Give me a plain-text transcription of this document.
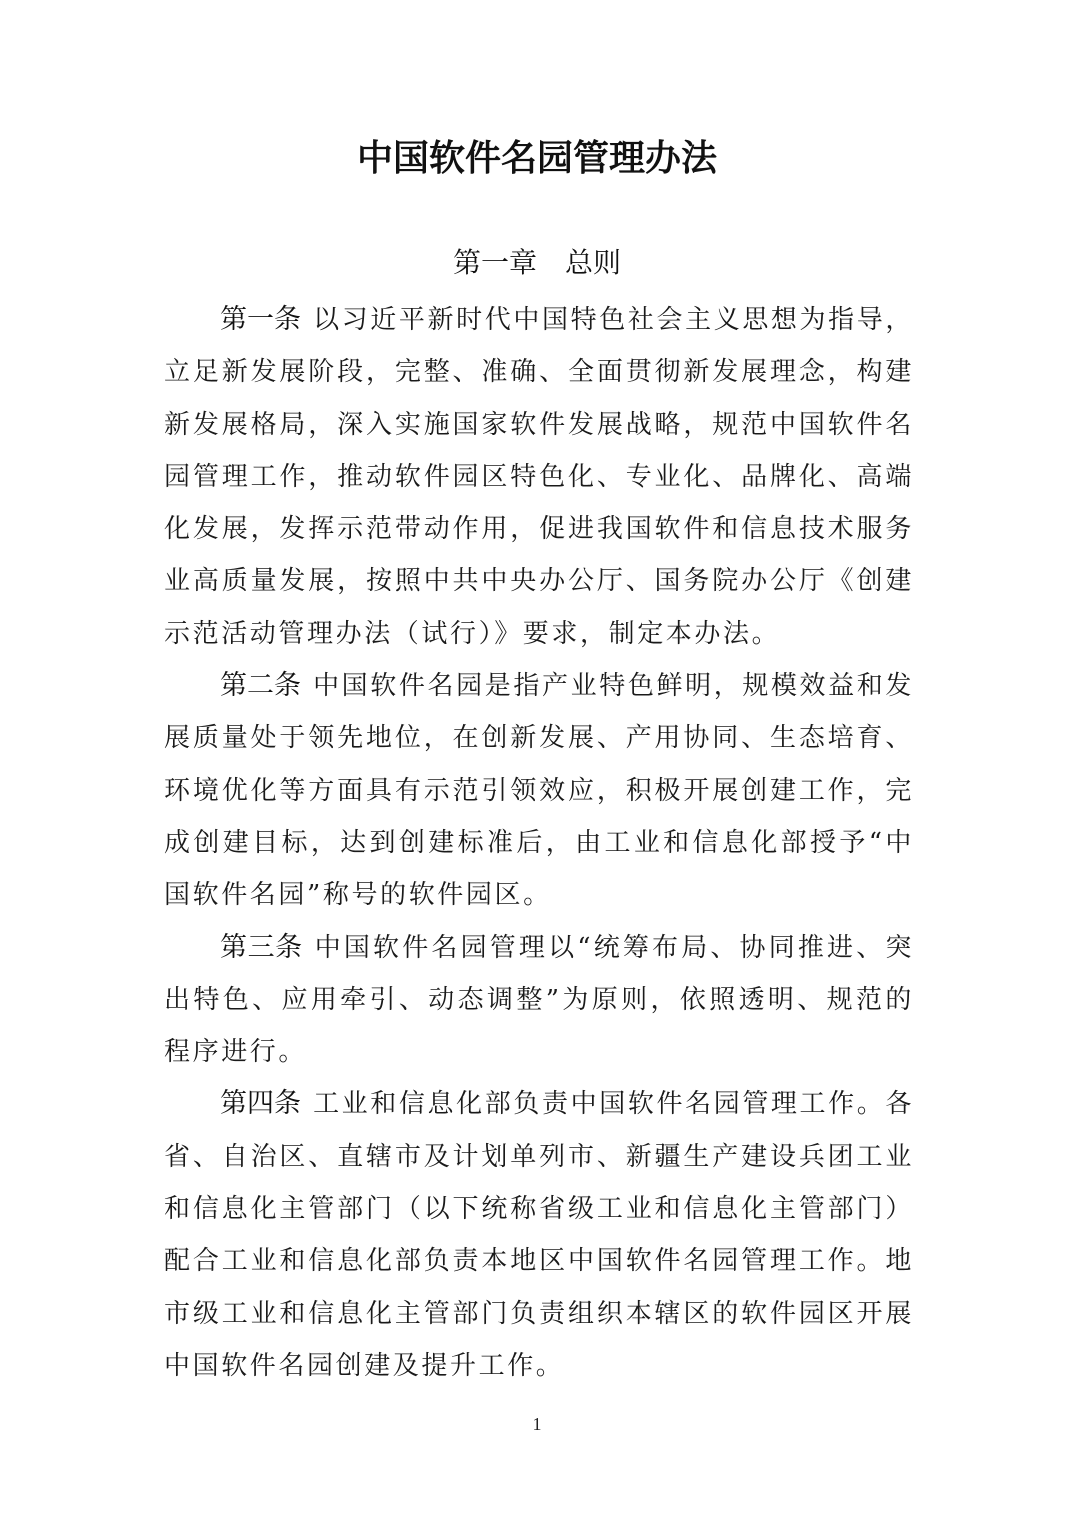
中国软件名园管理办法
第一章　总则

第一条 以习近平新时代中国特色社会主义思想为指导，立足新发展阶段，完整、准确、全面贯彻新发展理念，构建新发展格局，深入实施国家软件发展战略，规范中国软件名园管理工作，推动软件园区特色化、专业化、品牌化、高端化发展，发挥示范带动作用，促进我国软件和信息技术服务业高质量发展，按照中共中央办公厅、国务院办公厅《创建示范活动管理办法（试行）》要求，制定本办法。

第二条 中国软件名园是指产业特色鲜明，规模效益和发展质量处于领先地位，在创新发展、产用协同、生态培育、环境优化等方面具有示范引领效应，积极开展创建工作，完成创建目标，达到创建标准后，由工业和信息化部授予“中国软件名园”称号的软件园区。

第三条 中国软件名园管理以“统筹布局、协同推进、突出特色、应用牵引、动态调整”为原则，依照透明、规范的程序进行。

第四条 工业和信息化部负责中国软件名园管理工作。各省、自治区、直辖市及计划单列市、新疆生产建设兵团工业和信息化主管部门（以下统称省级工业和信息化主管部门）配合工业和信息化部负责本地区中国软件名园管理工作。地市级工业和信息化主管部门负责组织本辖区的软件园区开展中国软件名园创建及提升工作。

1
